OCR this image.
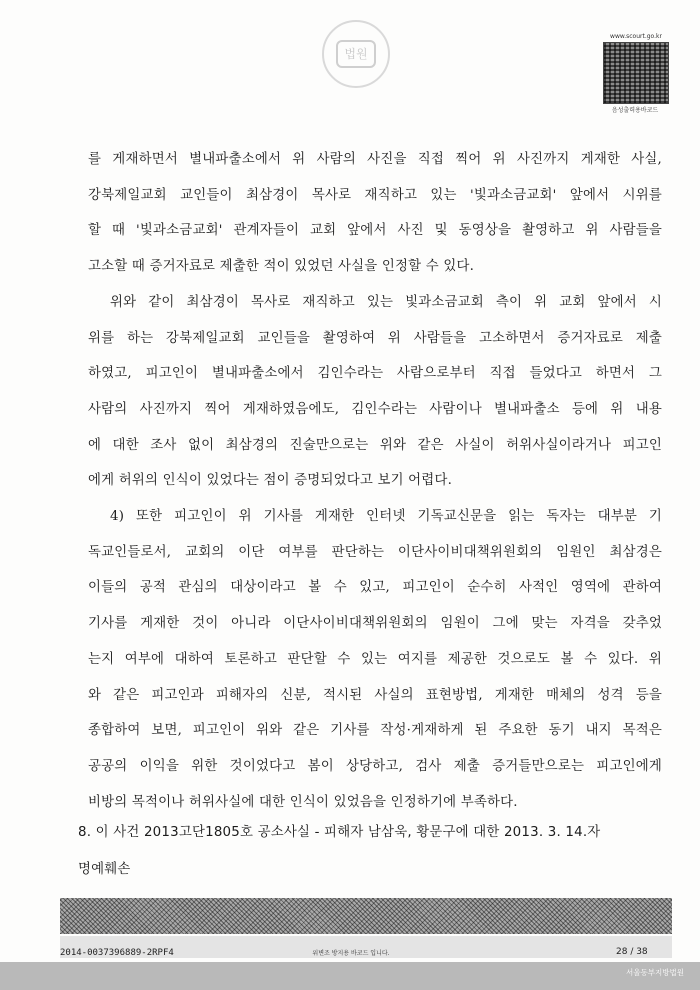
법원
www.scourt.go.kr
음성출력용바코드
를 게재하면서 별내파출소에서 위 사람의 사진을 직접 찍어 위 사진까지 게재한 사실,
강북제일교회 교인들이 최삼경이 목사로 재직하고 있는 '빛과소금교회' 앞에서 시위를
할 때 '빛과소금교회' 관계자들이 교회 앞에서 사진 및 동영상을 촬영하고 위 사람들을
고소할 때 증거자료로 제출한 적이 있었던 사실을 인정할 수 있다.
위와 같이 최삼경이 목사로 재직하고 있는 빛과소금교회 측이 위 교회 앞에서 시
위를 하는 강북제일교회 교인들을 촬영하여 위 사람들을 고소하면서 증거자료로 제출
하였고, 피고인이 별내파출소에서 김인수라는 사람으로부터 직접 들었다고 하면서 그
사람의 사진까지 찍어 게재하였음에도, 김인수라는 사람이나 별내파출소 등에 위 내용
에 대한 조사 없이 최삼경의 진술만으로는 위와 같은 사실이 허위사실이라거나 피고인
에게 허위의 인식이 있었다는 점이 증명되었다고 보기 어렵다.
4) 또한 피고인이 위 기사를 게재한 인터넷 기독교신문을 읽는 독자는 대부분 기
독교인들로서, 교회의 이단 여부를 판단하는 이단사이비대책위원회의 임원인 최삼경은
이들의 공적 관심의 대상이라고 볼 수 있고, 피고인이 순수히 사적인 영역에 관하여
기사를 게재한 것이 아니라 이단사이비대책위원회의 임원이 그에 맞는 자격을 갖추었
는지 여부에 대하여 토론하고 판단할 수 있는 여지를 제공한 것으로도 볼 수 있다. 위
와 같은 피고인과 피해자의 신분, 적시된 사실의 표현방법, 게재한 매체의 성격 등을
종합하여 보면, 피고인이 위와 같은 기사를 작성·게재하게 된 주요한 동기 내지 목적은
공공의 이익을 위한 것이었다고 봄이 상당하고, 검사 제출 증거들만으로는 피고인에게
비방의 목적이나 허위사실에 대한 인식이 있었음을 인정하기에 부족하다.
8. 이 사건 2013고단1805호 공소사실 - 피해자 남삼욱, 황문구에 대한 2013. 3. 14.자
명예훼손
2014-0037396889-2RPF4	위변조 방지용 바코드 입니다.	28 / 38
서울동부지방법원
